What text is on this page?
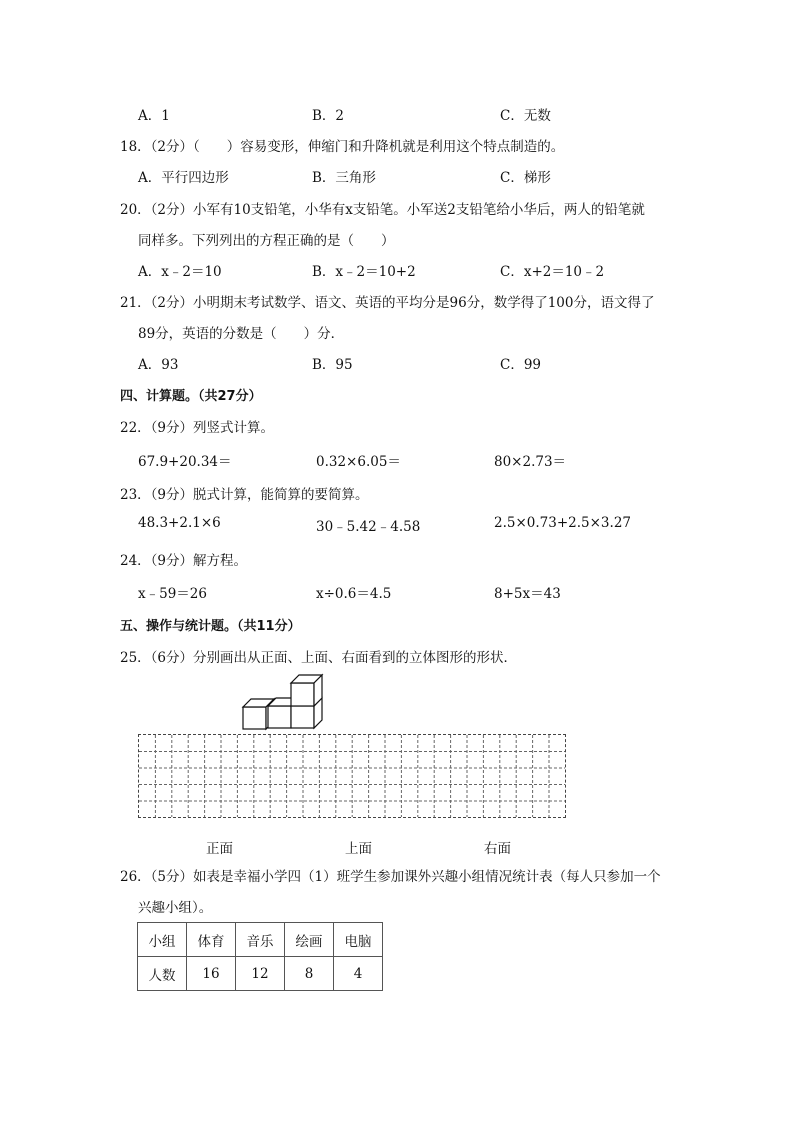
A．1	B．2	C．无数
18．（2分）（　　）容易变形，伸缩门和升降机就是利用这个特点制造的。
A．平行四边形	B．三角形	C．梯形
20．（2分）小军有10支铅笔，小华有x支铅笔。小军送2支铅笔给小华后，两人的铅笔就
同样多。下列列出的方程正确的是（　　）
A．x﹣2＝10	B．x﹣2＝10+2	C．x+2＝10﹣2
21．（2分）小明期末考试数学、语文、英语的平均分是96分，数学得了100分，语文得了
89分，英语的分数是（　　）分．
A．93	B．95	C．99
四、计算题。（共27分）
22．（9分）列竖式计算。
67.9+20.34＝	0.32×6.05＝	80×2.73＝
23．（9分）脱式计算，能简算的要简算。
48.3+2.1×6	30﹣5.42﹣4.58	2.5×0.73+2.5×3.27
24．（9分）解方程。
x﹣59＝26	x÷0.6＝4.5	8+5x＝43
五、操作与统计题。（共11分）
25．（6分）分别画出从正面、上面、右面看到的立体图形的形状．
正面	上面	右面
26．（5分）如表是幸福小学四（1）班学生参加课外兴趣小组情况统计表（每人只参加一个
兴趣小组）。
小组	体育	音乐	绘画	电脑
人数	16	12	8	4
